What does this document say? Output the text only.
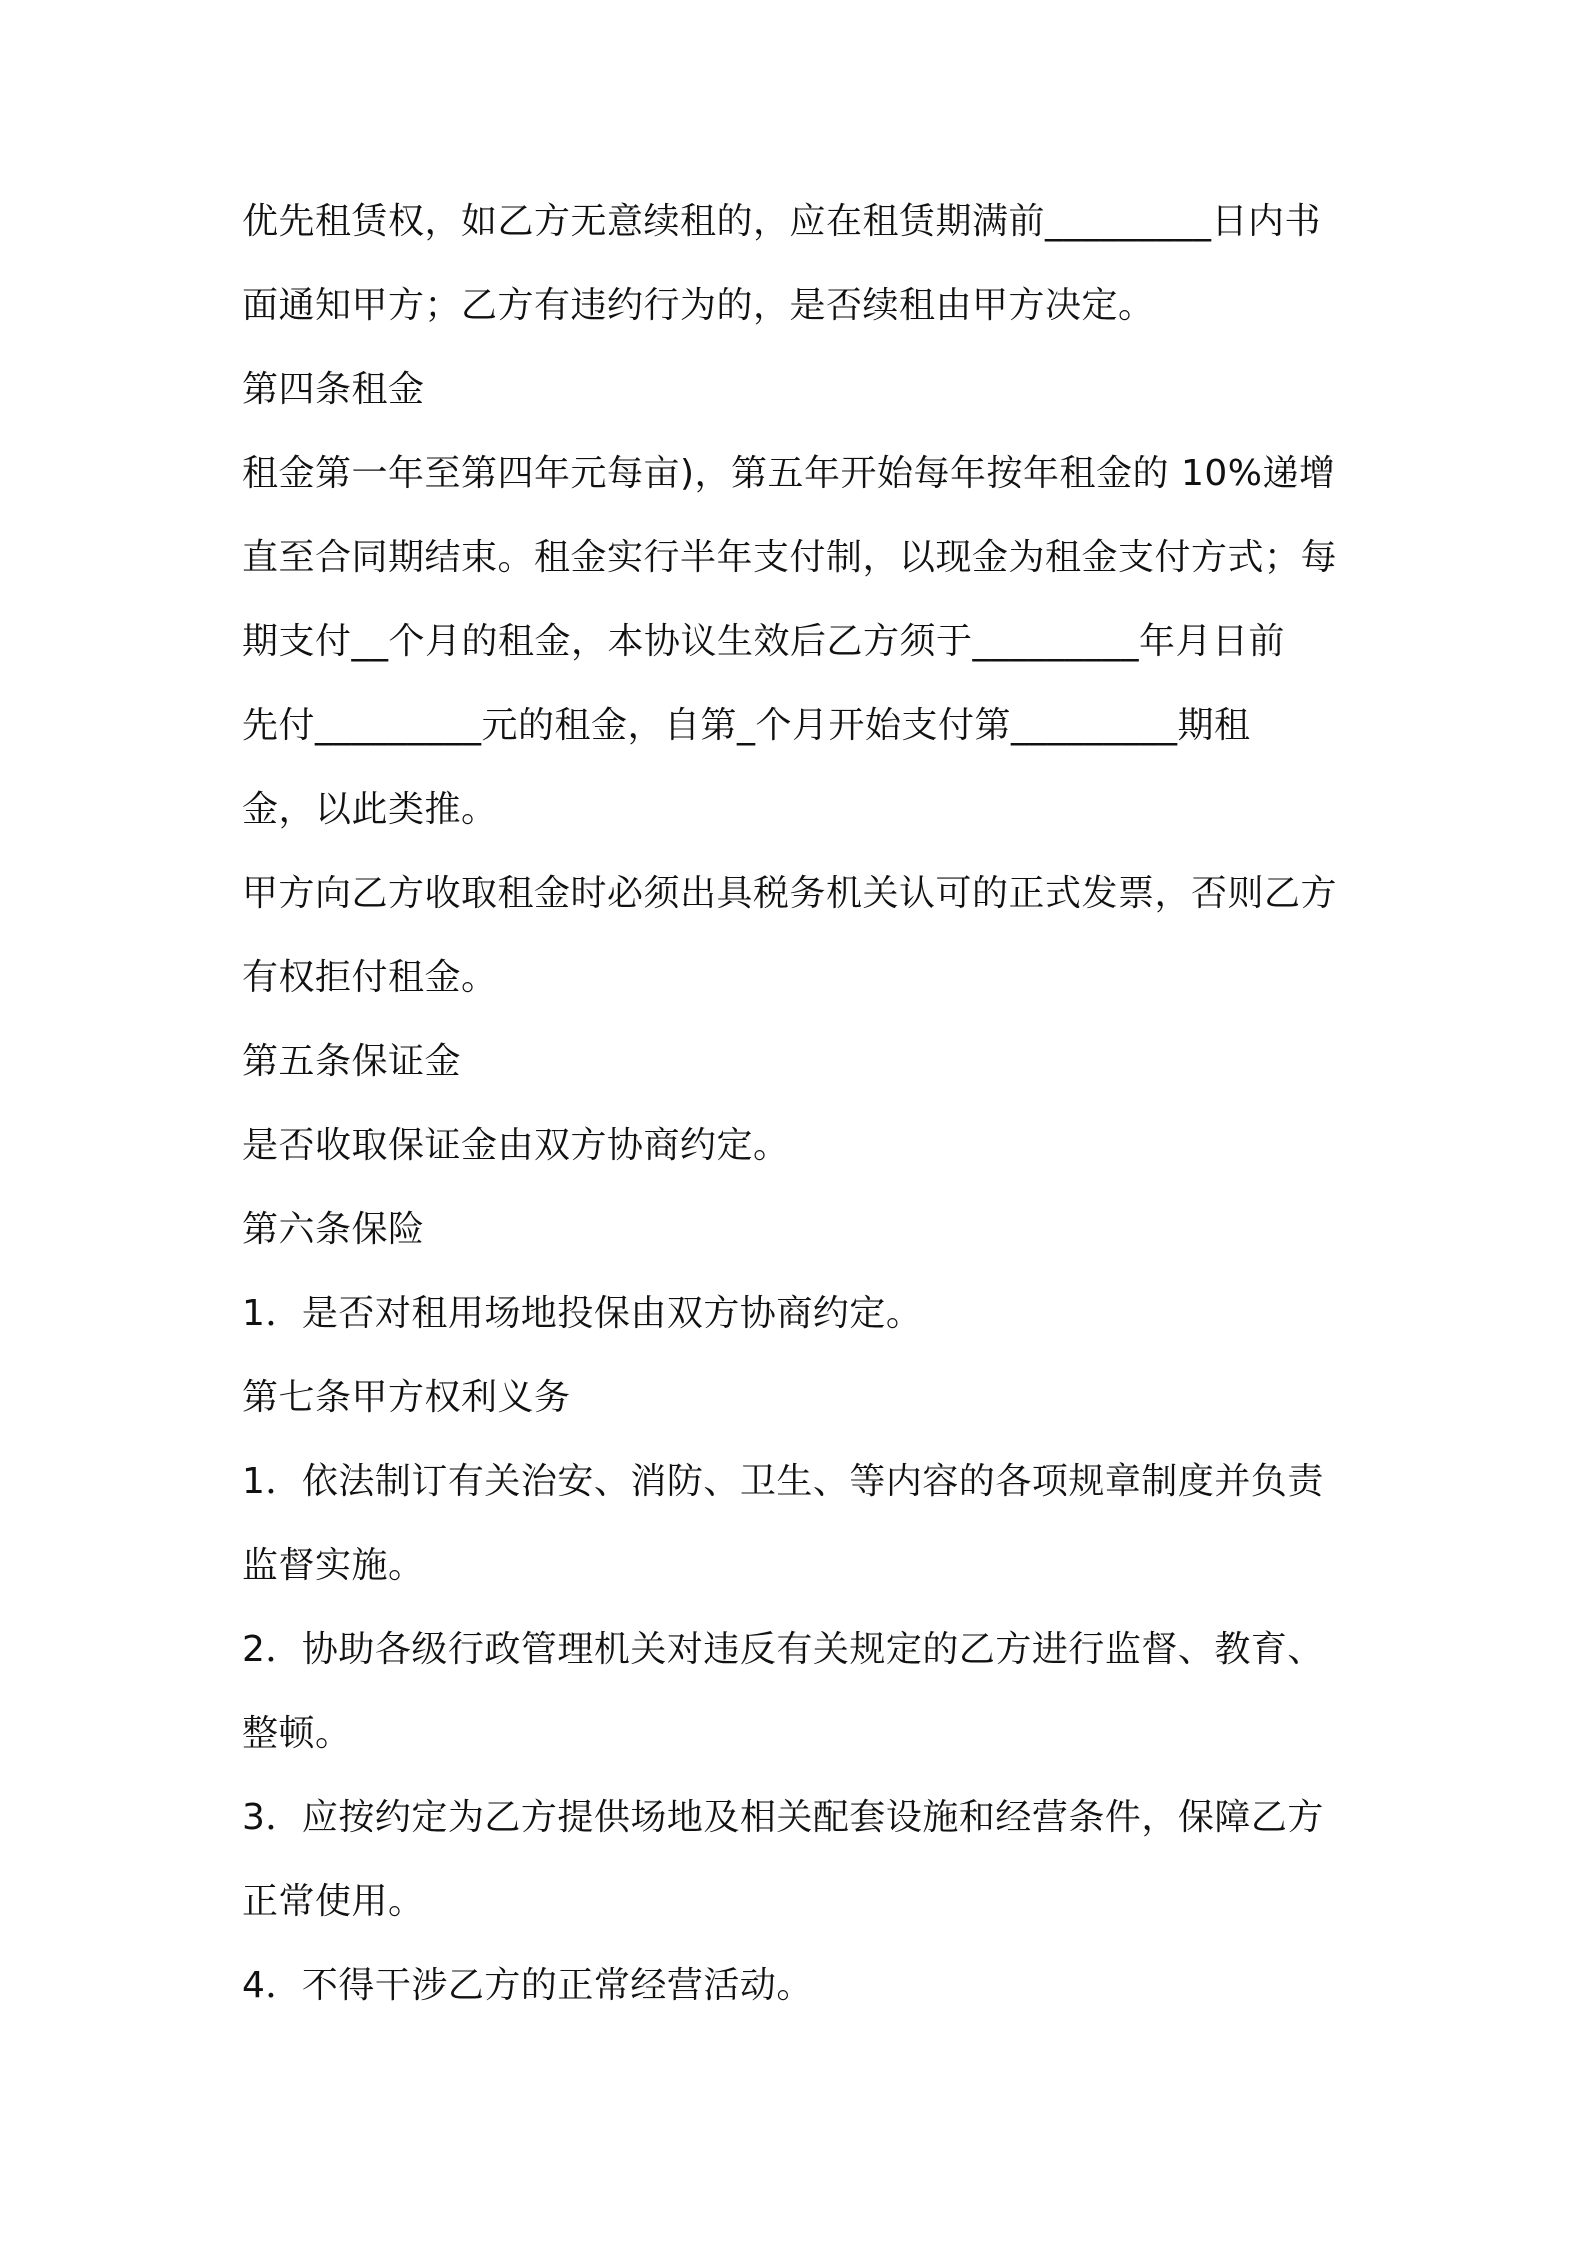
优先租赁权，如乙方无意续租的，应在租赁期满前_________日内书
面通知甲方；乙方有违约行为的，是否续租由甲方决定。
第四条租金
租金第一年至第四年元每亩)，第五年开始每年按年租金的 10%递增
直至合同期结束。租金实行半年支付制，以现金为租金支付方式；每
期支付__个月的租金，本协议生效后乙方须于_________年月日前
先付_________元的租金，自第_个月开始支付第_________期租
金，以此类推。
甲方向乙方收取租金时必须出具税务机关认可的正式发票，否则乙方
有权拒付租金。
第五条保证金
是否收取保证金由双方协商约定。
第六条保险
1．是否对租用场地投保由双方协商约定。
第七条甲方权利义务
1．依法制订有关治安、消防、卫生、等内容的各项规章制度并负责
监督实施。
2．协助各级行政管理机关对违反有关规定的乙方进行监督、教育、
整顿。
3．应按约定为乙方提供场地及相关配套设施和经营条件，保障乙方
正常使用。
4．不得干涉乙方的正常经营活动。
